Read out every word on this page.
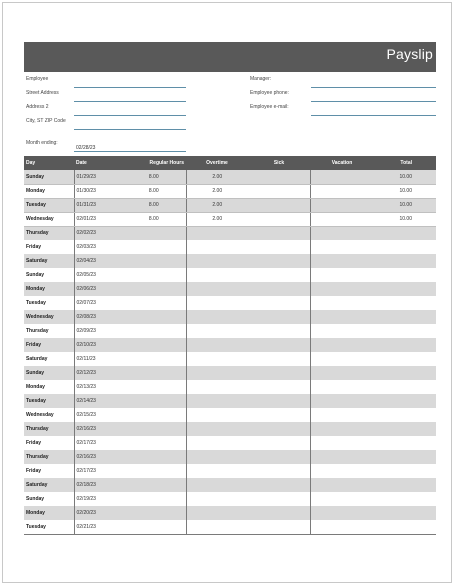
Payslip
Employee
Street Address
Address 2
City, ST ZIP Code
Manager:
Employee phone:
Employee e-mail:
Month ending:
02/28/23
Day	Date	Regular Hours	Overtime	Sick	Vacation	Total
Sunday	01/29/23	8.00	2.00			10.00
Monday	01/30/23	8.00	2.00			10.00
Tuesday	01/31/23	8.00	2.00			10.00
Wednesday	02/01/23	8.00	2.00			10.00
Thursday	02/02/23					
Friday	02/03/23					
Saturday	02/04/23					
Sunday	02/05/23					
Monday	02/06/23					
Tuesday	02/07/23					
Wednesday	02/08/23					
Thursday	02/09/23					
Friday	02/10/23					
Saturday	02/11/23					
Sunday	02/12/23					
Monday	02/13/23					
Tuesday	02/14/23					
Wednesday	02/15/23					
Thursday	02/16/23					
Friday	02/17/23					
Thursday	02/16/23					
Friday	02/17/23					
Saturday	02/18/23					
Sunday	02/19/23					
Monday	02/20/23					
Tuesday	02/21/23					
